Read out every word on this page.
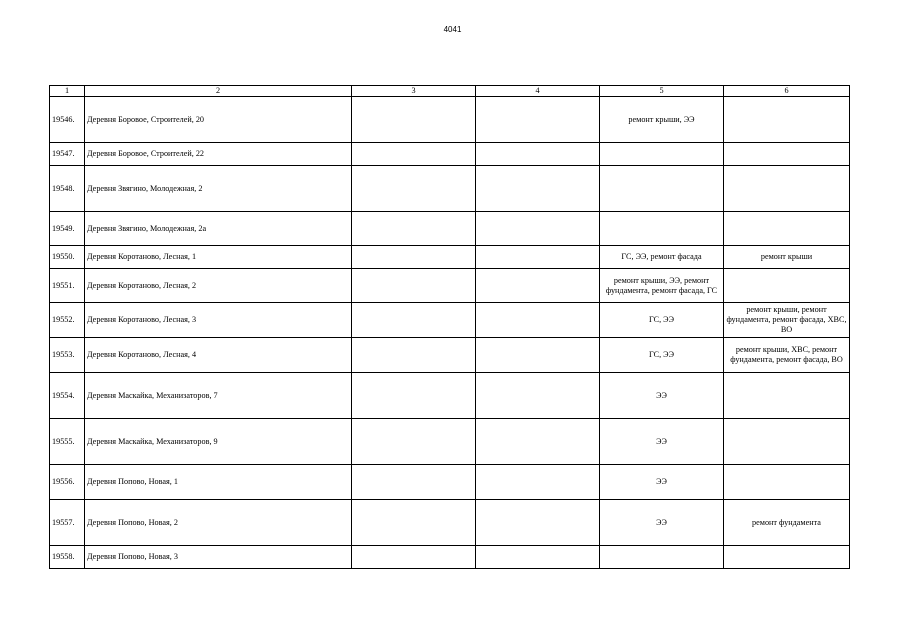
4041
1	2	3	4	5	6
19546.	Деревня Боровое, Строителей, 20			ремонт крыши, ЭЭ	
19547.	Деревня Боровое, Строителей, 22				
19548.	Деревня Звягино, Молодежная, 2				
19549.	Деревня Звягино, Молодежная, 2а				
19550.	Деревня Коротаново, Лесная, 1			ГС, ЭЭ, ремонт фасада	ремонт крыши
19551.	Деревня Коротаново, Лесная, 2			ремонт крыши, ЭЭ, ремонт фундамента, ремонт фасада, ГС	
19552.	Деревня Коротаново, Лесная, 3			ГС, ЭЭ	ремонт крыши, ремонт фундамента, ремонт фасада, ХВС, ВО
19553.	Деревня Коротаново, Лесная, 4			ГС, ЭЭ	ремонт крыши, ХВС, ремонт фундамента, ремонт фасада, ВО
19554.	Деревня Маскайка, Механизаторов, 7			ЭЭ	
19555.	Деревня Маскайка, Механизаторов, 9			ЭЭ	
19556.	Деревня Попово, Новая, 1			ЭЭ	
19557.	Деревня Попово, Новая, 2			ЭЭ	ремонт фундамента
19558.	Деревня Попово, Новая, 3				
